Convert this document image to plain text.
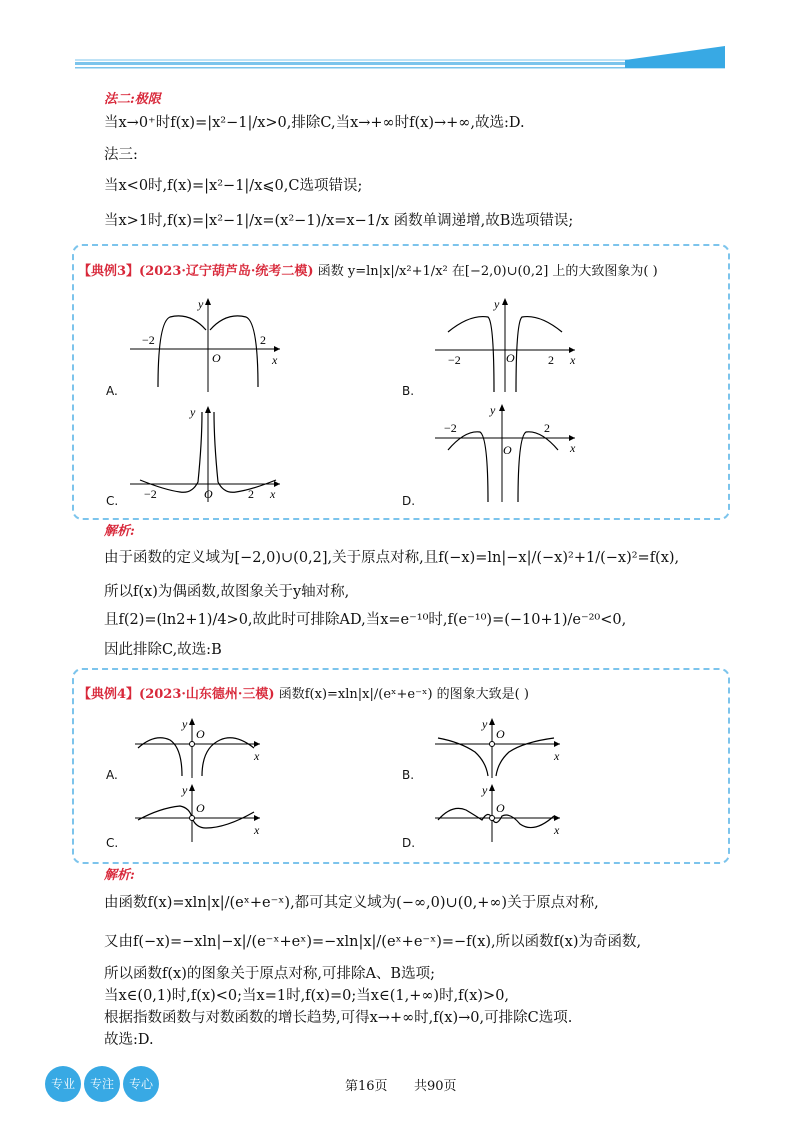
法二:极限
当x→0⁺时f(x)=|x²−1|/x>0,排除C,当x→+∞时f(x)→+∞,故选:D.
法三:
当x<0时,f(x)=|x²−1|/x⩽0,C选项错误;
当x>1时,f(x)=|x²−1|/x=(x²−1)/x=x−1/x 函数单调递增,故B选项错误;
【典例3】(2023·辽宁葫芦岛·统考二模) 函数 y=ln|x|/x²+1/x² 在[−2,0)∪(0,2] 上的大致图象为( )
−2	2
O	x
y
A.
−2	2
O	x
y
B.
−2	2
O	x
y
C.
−2	2
O	x
y
D.
解析:
由于函数的定义域为[−2,0)∪(0,2],关于原点对称,且f(−x)=ln|−x|/(−x)²+1/(−x)²=f(x),
所以f(x)为偶函数,故图象关于y轴对称,
且f(2)=(ln2+1)/4>0,故此时可排除AD,当x=e⁻¹⁰时,f(e⁻¹⁰)=(−10+1)/e⁻²⁰<0,
因此排除C,故选:B
【典例4】(2023·山东德州·三模) 函数f(x)=xln|x|/(eˣ+e⁻ˣ) 的图象大致是( )
O
x
y
A.
O
x
y
B.
O
x
y
C.
O
x
y
D.
解析:
由函数f(x)=xln|x|/(eˣ+e⁻ˣ),都可其定义域为(−∞,0)∪(0,+∞)关于原点对称,
又由f(−x)=−xln|−x|/(e⁻ˣ+eˣ)=−xln|x|/(eˣ+e⁻ˣ)=−f(x),所以函数f(x)为奇函数,
所以函数f(x)的图象关于原点对称,可排除A、B选项;
当x∈(0,1)时,f(x)<0;当x=1时,f(x)=0;当x∈(1,+∞)时,f(x)>0,
根据指数函数与对数函数的增长趋势,可得x→+∞时,f(x)→0,可排除C选项.
故选:D.
专业	专注	专心	第16页 共90页
